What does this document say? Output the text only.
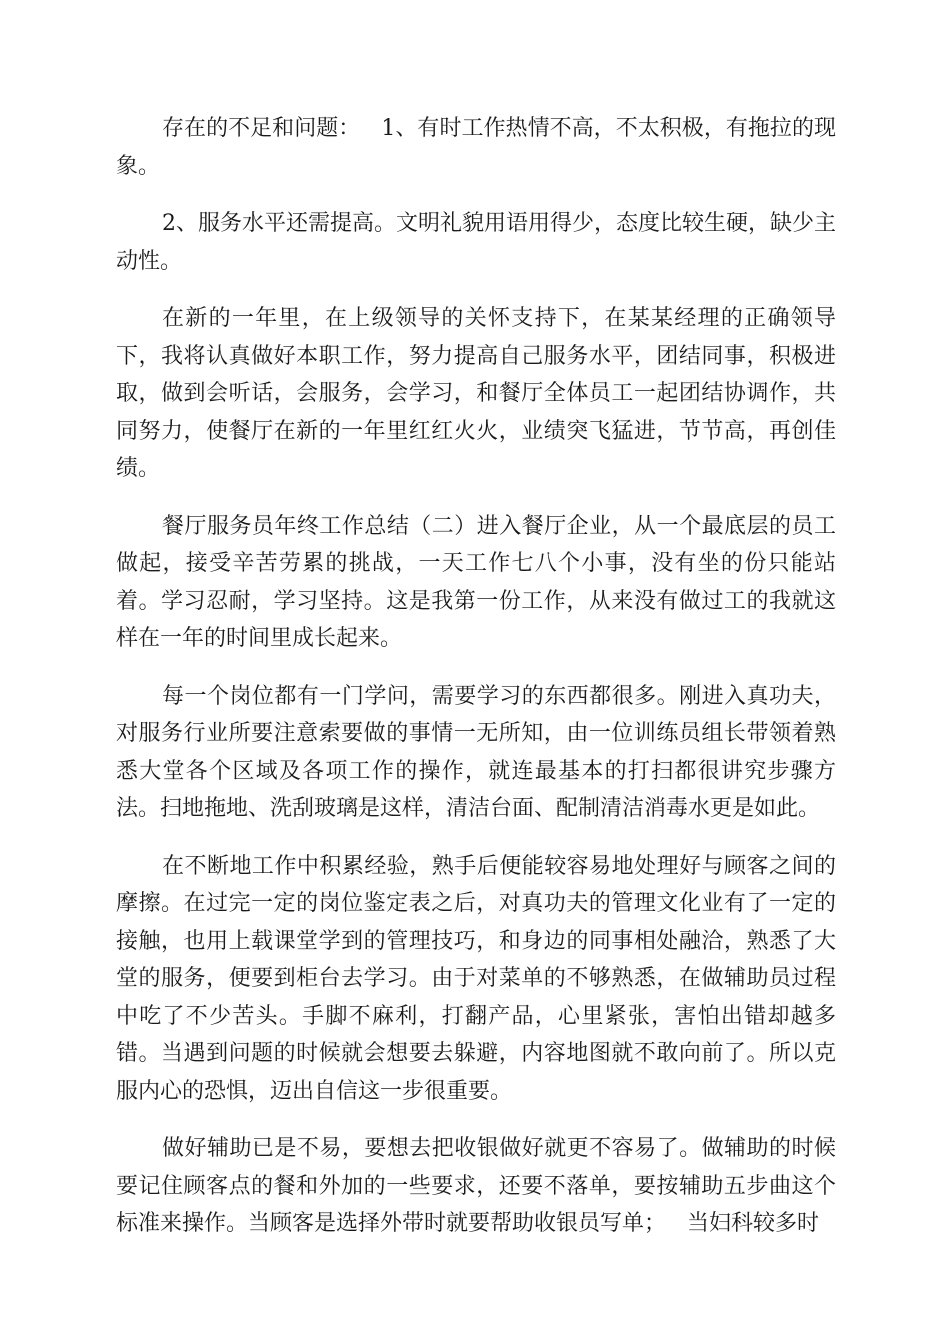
存在的不足和问题：   1、有时工作热情不高，不太积极，有拖拉的现象。

2、服务水平还需提高。文明礼貌用语用得少，态度比较生硬，缺少主动性。

在新的一年里，在上级领导的关怀支持下，在某某经理的正确领导下，我将认真做好本职工作，努力提高自己服务水平，团结同事，积极进取，做到会听话，会服务，会学习，和餐厅全体员工一起团结协调作，共同努力，使餐厅在新的一年里红红火火，业绩突飞猛进，节节高，再创佳绩。

餐厅服务员年终工作总结（二）进入餐厅企业，从一个最底层的员工做起，接受辛苦劳累的挑战，一天工作七八个小事，没有坐的份只能站着。学习忍耐，学习坚持。这是我第一份工作，从来没有做过工的我就这样在一年的时间里成长起来。

每一个岗位都有一门学问，需要学习的东西都很多。刚进入真功夫，对服务行业所要注意索要做的事情一无所知，由一位训练员组长带领着熟悉大堂各个区域及各项工作的操作，就连最基本的打扫都很讲究步骤方法。扫地拖地、洗刮玻璃是这样，清洁台面、配制清洁消毒水更是如此。

在不断地工作中积累经验，熟手后便能较容易地处理好与顾客之间的摩擦。在过完一定的岗位鉴定表之后，对真功夫的管理文化业有了一定的接触，也用上载课堂学到的管理技巧，和身边的同事相处融洽，熟悉了大堂的服务，便要到柜台去学习。由于对菜单的不够熟悉，在做辅助员过程中吃了不少苦头。手脚不麻利，打翻产品，心里紧张，害怕出错却越多错。当遇到问题的时候就会想要去躲避，内容地图就不敢向前了。所以克服内心的恐惧，迈出自信这一步很重要。

做好辅助已是不易，要想去把收银做好就更不容易了。做辅助的时候要记住顾客点的餐和外加的一些要求，还要不落单，要按辅助五步曲这个标准来操作。当顾客是选择外带时就要帮助收银员写单；   当妇科较多时
